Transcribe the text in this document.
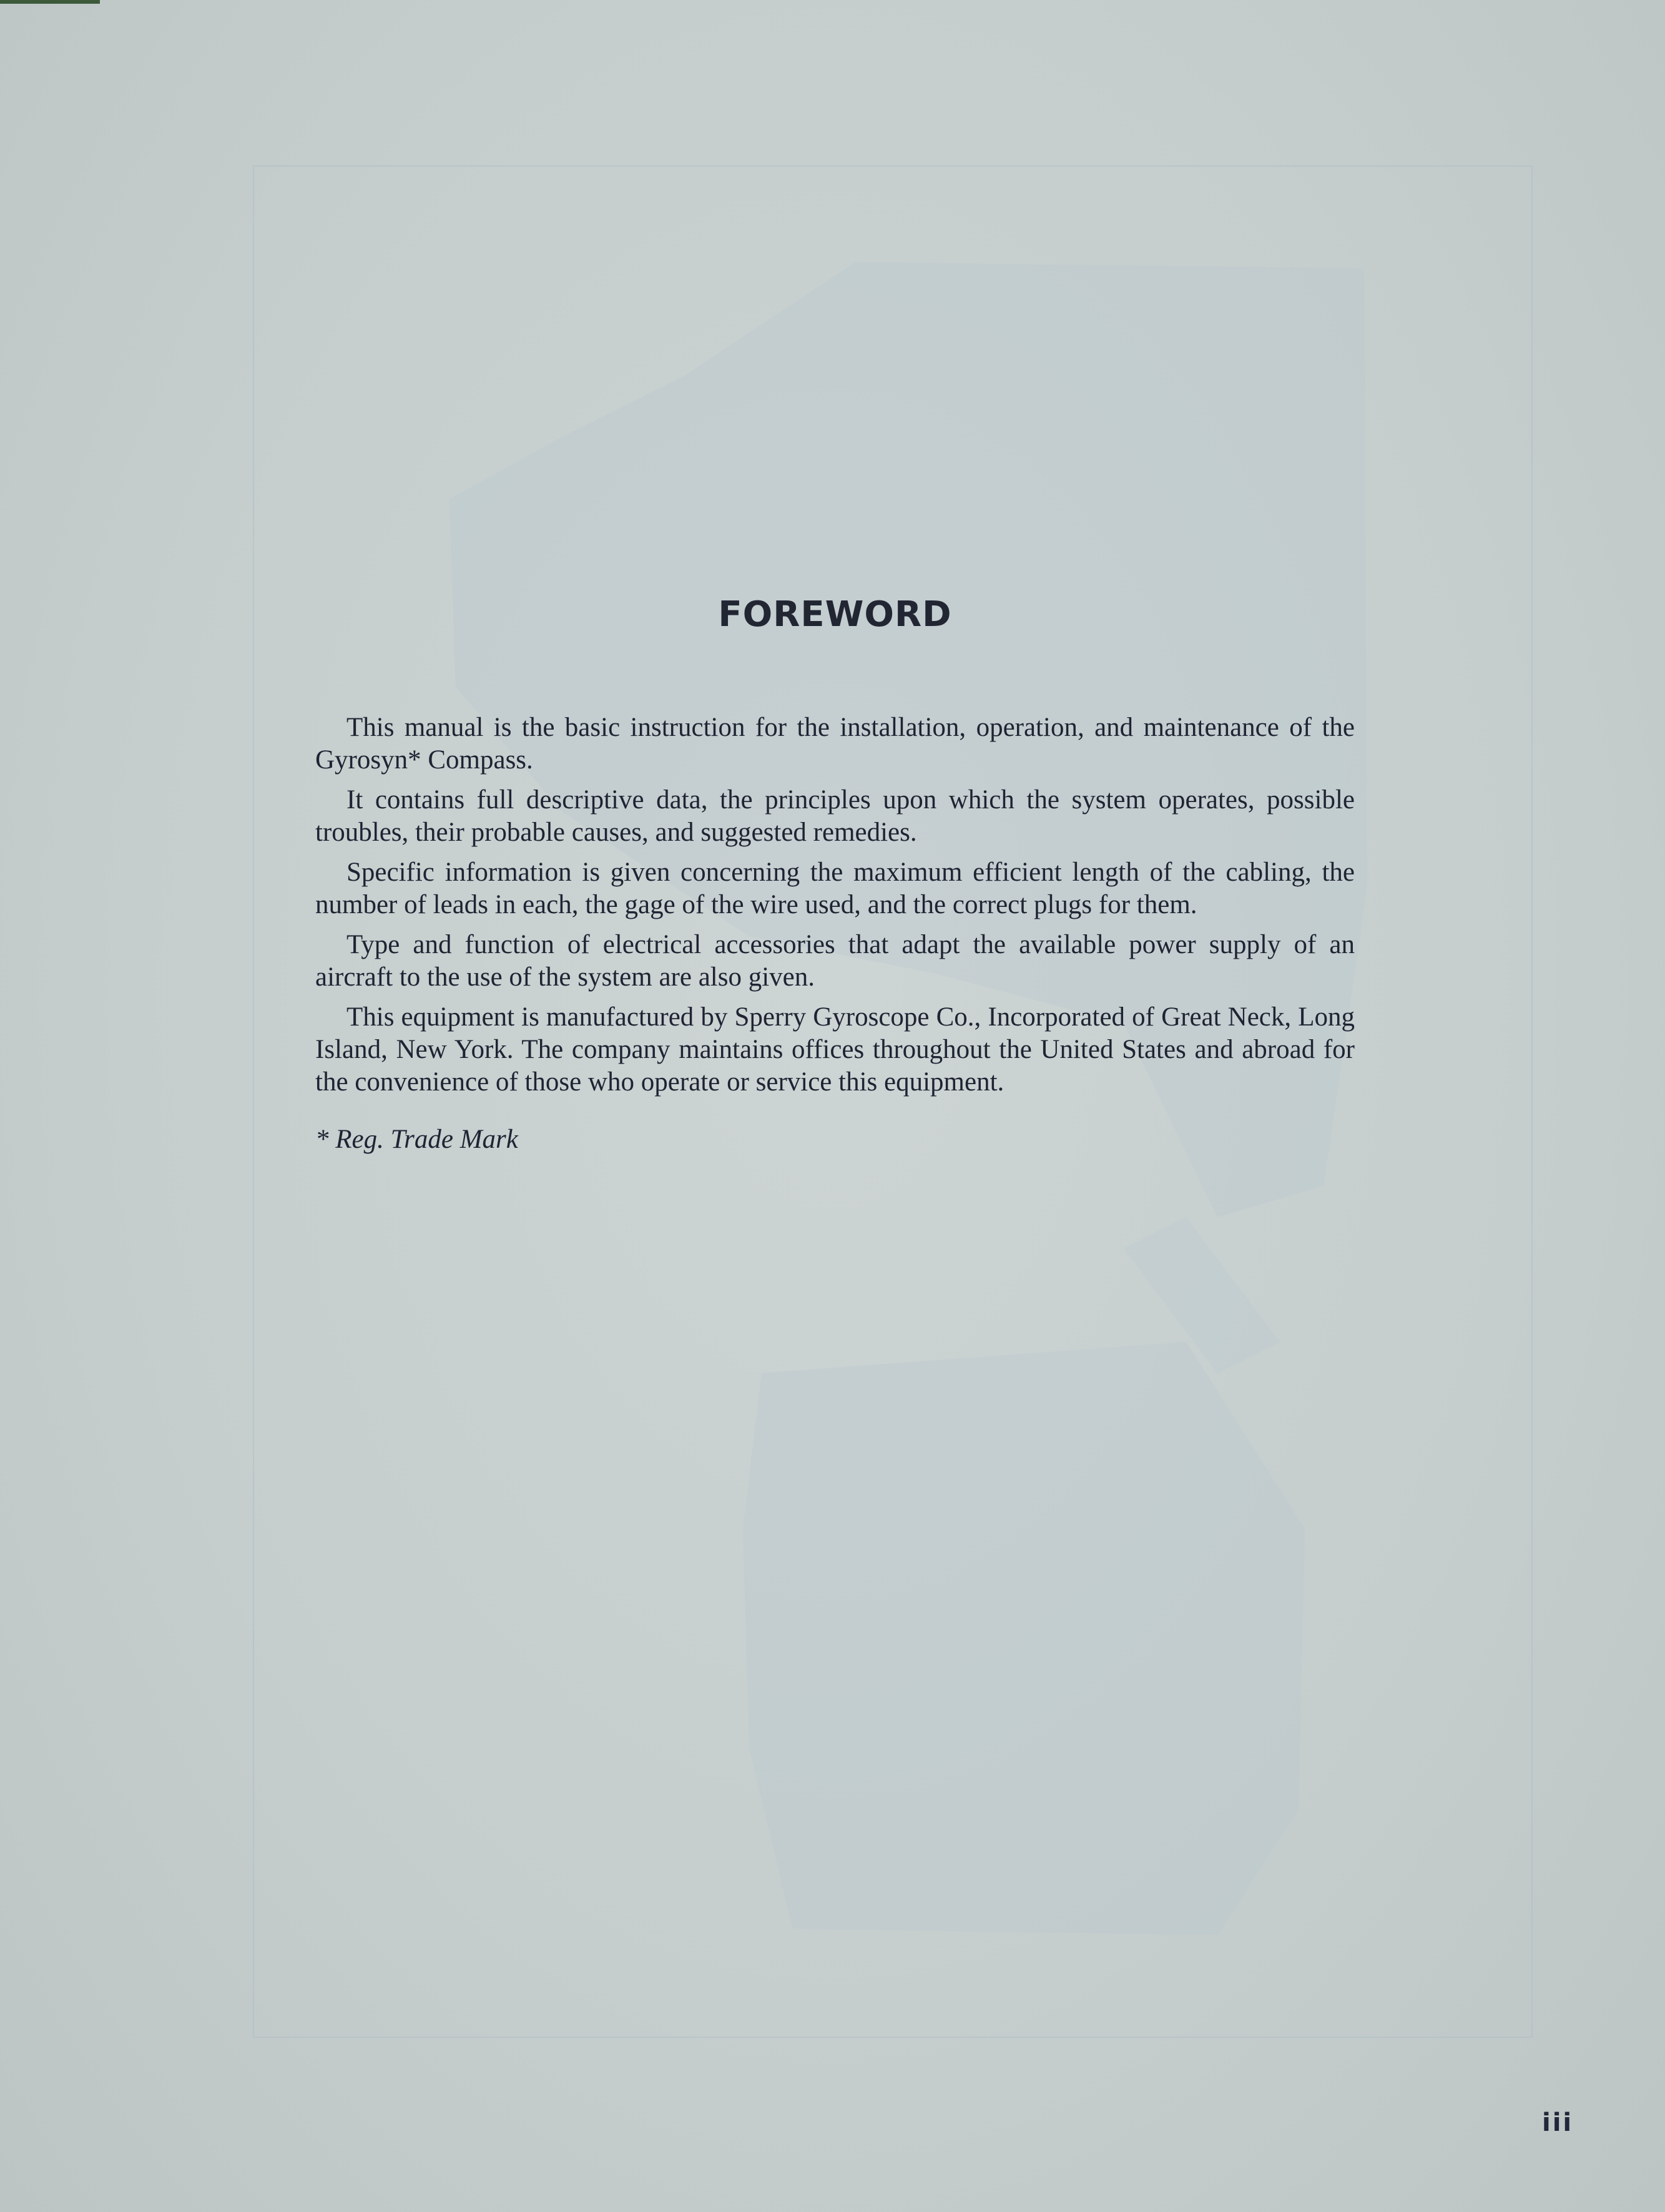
FOREWORD

This manual is the basic instruction for the installation, operation, and maintenance of the Gyrosyn* Compass.

It contains full descriptive data, the principles upon which the system operates, possible troubles, their probable causes, and suggested remedies.

Specific information is given concerning the maximum efficient length of the cabling, the number of leads in each, the gage of the wire used, and the correct plugs for them.

Type and function of electrical accessories that adapt the available power supply of an aircraft to the use of the system are also given.

This equipment is manufactured by Sperry Gyroscope Co., Incorporated of Great Neck, Long Island, New York. The company maintains offices throughout the United States and abroad for the convenience of those who operate or service this equipment.

* Reg. Trade Mark

iii
